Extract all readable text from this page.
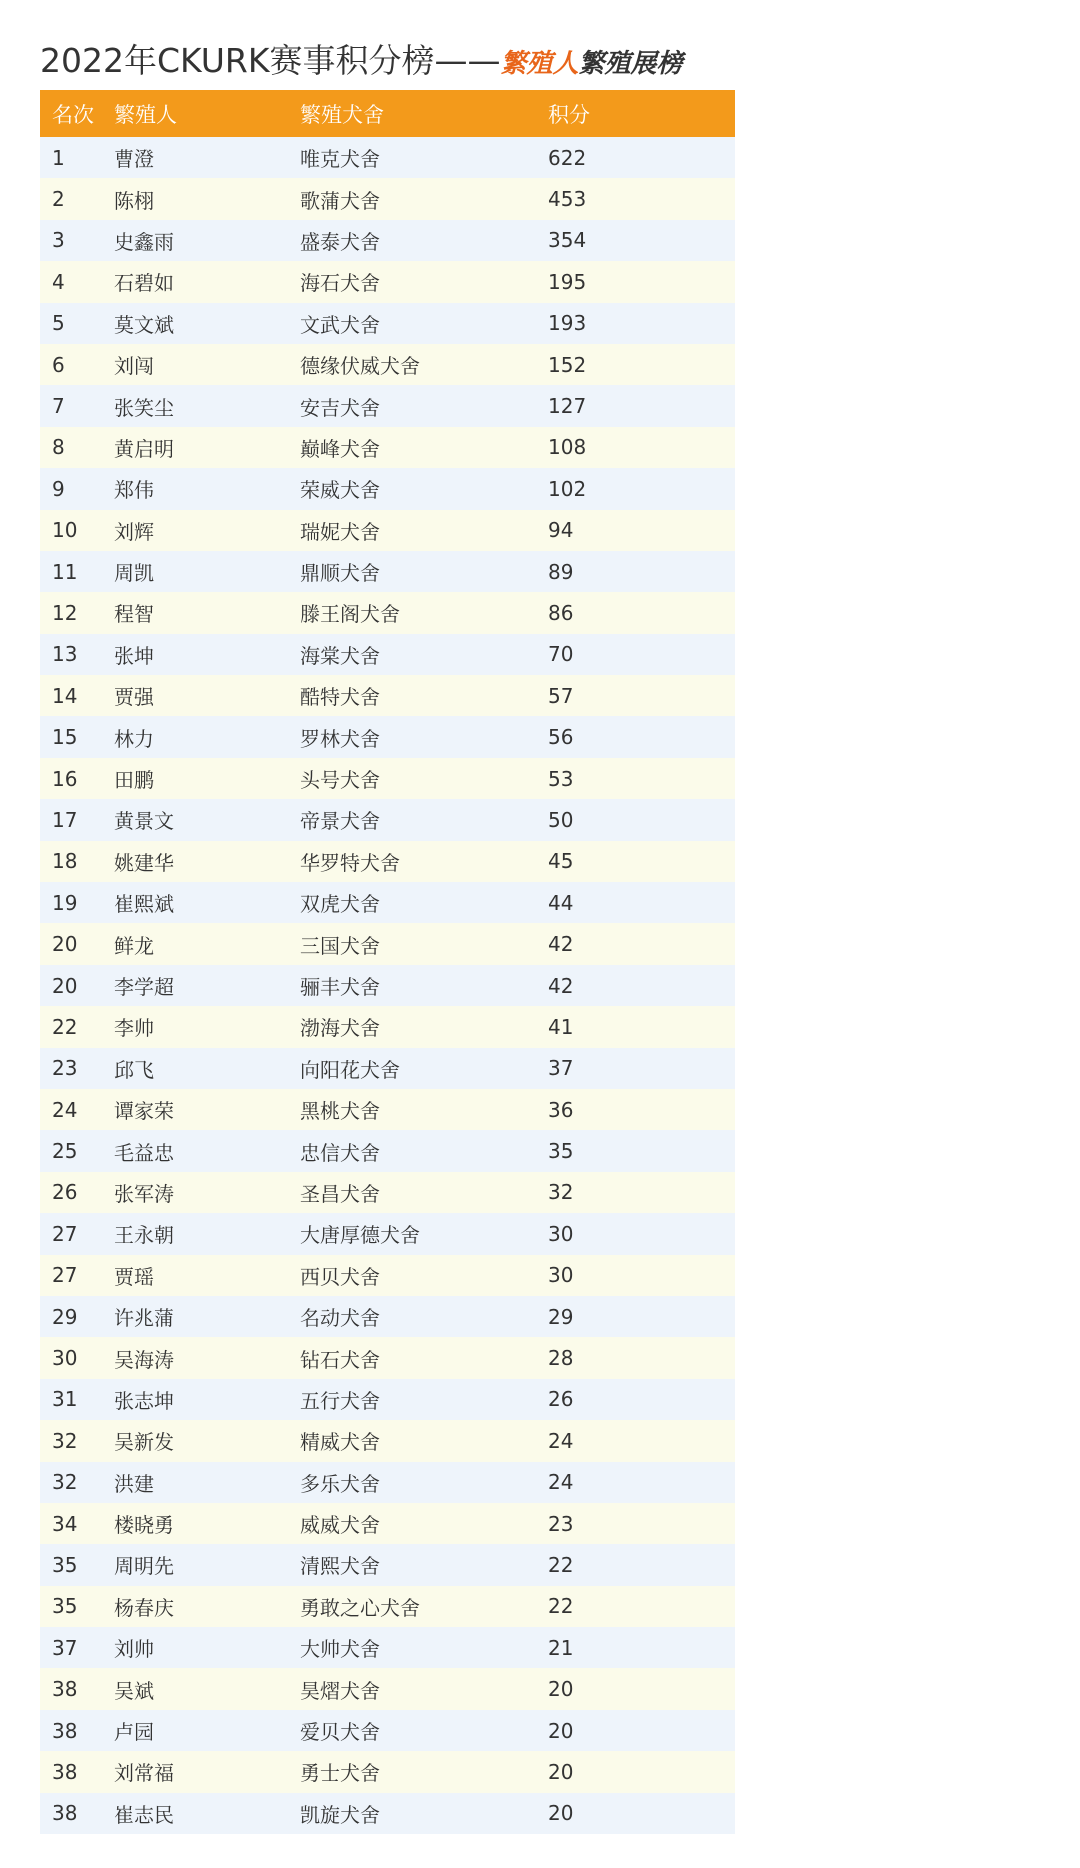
2022年CKURK赛事积分榜——繁殖人繁殖展榜
名次	繁殖人	繁殖犬舍	积分
1	曹澄	唯克犬舍	622
2	陈栩	歌蒲犬舍	453
3	史鑫雨	盛泰犬舍	354
4	石碧如	海石犬舍	195
5	莫文斌	文武犬舍	193
6	刘闯	德缘伏威犬舍	152
7	张笑尘	安吉犬舍	127
8	黄启明	巅峰犬舍	108
9	郑伟	荣威犬舍	102
10	刘辉	瑞妮犬舍	94
11	周凯	鼎顺犬舍	89
12	程智	滕王阁犬舍	86
13	张坤	海棠犬舍	70
14	贾强	酷特犬舍	57
15	林力	罗林犬舍	56
16	田鹏	头号犬舍	53
17	黄景文	帝景犬舍	50
18	姚建华	华罗特犬舍	45
19	崔熙斌	双虎犬舍	44
20	鲜龙	三国犬舍	42
20	李学超	骊丰犬舍	42
22	李帅	渤海犬舍	41
23	邱飞	向阳花犬舍	37
24	谭家荣	黑桃犬舍	36
25	毛益忠	忠信犬舍	35
26	张军涛	圣昌犬舍	32
27	王永朝	大唐厚德犬舍	30
27	贾瑶	西贝犬舍	30
29	许兆蒲	名动犬舍	29
30	吴海涛	钻石犬舍	28
31	张志坤	五行犬舍	26
32	吴新发	精威犬舍	24
32	洪建	多乐犬舍	24
34	楼晓勇	威威犬舍	23
35	周明先	清熙犬舍	22
35	杨春庆	勇敢之心犬舍	22
37	刘帅	大帅犬舍	21
38	吴斌	昊熠犬舍	20
38	卢园	爱贝犬舍	20
38	刘常福	勇士犬舍	20
38	崔志民	凯旋犬舍	20
